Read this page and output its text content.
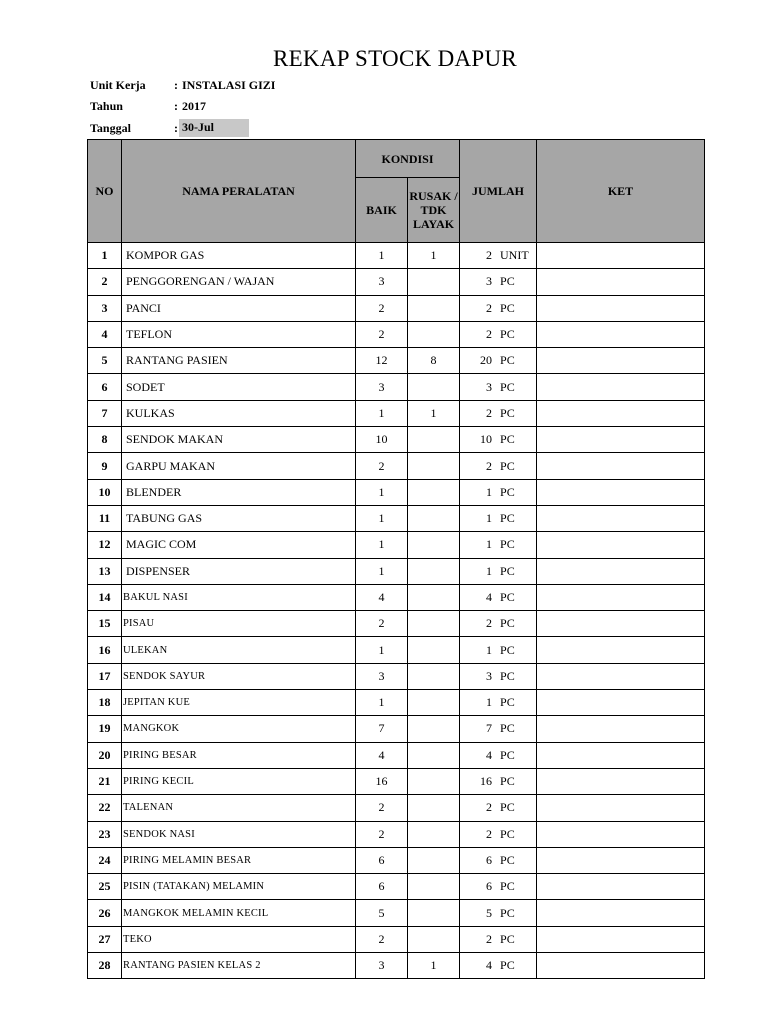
REKAP STOCK DAPUR
Unit Kerja : INSTALASI GIZI
Tahun	: 2017
Tanggal	: 30-Jul
NO	NAMA PERALATAN	KONDISI		JUMLAH	KET
		BAIK	RUSAK / TDK LAYAK		
1	KOMPOR GAS	1	1	2 UNIT	
2	PENGGORENGAN / WAJAN	3		3 PC	
3	PANCI	2		2 PC	
4	TEFLON	2		2 PC	
5	RANTANG PASIEN	12	8	20 PC	
6	SODET	3		3 PC	
7	KULKAS	1	1	2 PC	
8	SENDOK MAKAN	10		10 PC	
9	GARPU MAKAN	2		2 PC	
10	BLENDER	1		1 PC	
11	TABUNG GAS	1		1 PC	
12	MAGIC COM	1		1 PC	
13	DISPENSER	1		1 PC	
14	BAKUL NASI	4		4 PC	
15	PISAU	2		2 PC	
16	ULEKAN	1		1 PC	
17	SENDOK SAYUR	3		3 PC	
18	JEPITAN KUE	1		1 PC	
19	MANGKOK	7		7 PC	
20	PIRING BESAR	4		4 PC	
21	PIRING KECIL	16		16 PC	
22	TALENAN	2		2 PC	
23	SENDOK NASI	2		2 PC	
24	PIRING MELAMIN BESAR	6		6 PC	
25	PISIN (TATAKAN) MELAMIN	6		6 PC	
26	MANGKOK MELAMIN KECIL	5		5 PC	
27	TEKO	2		2 PC	
28	RANTANG PASIEN KELAS 2	3	1	4 PC	
